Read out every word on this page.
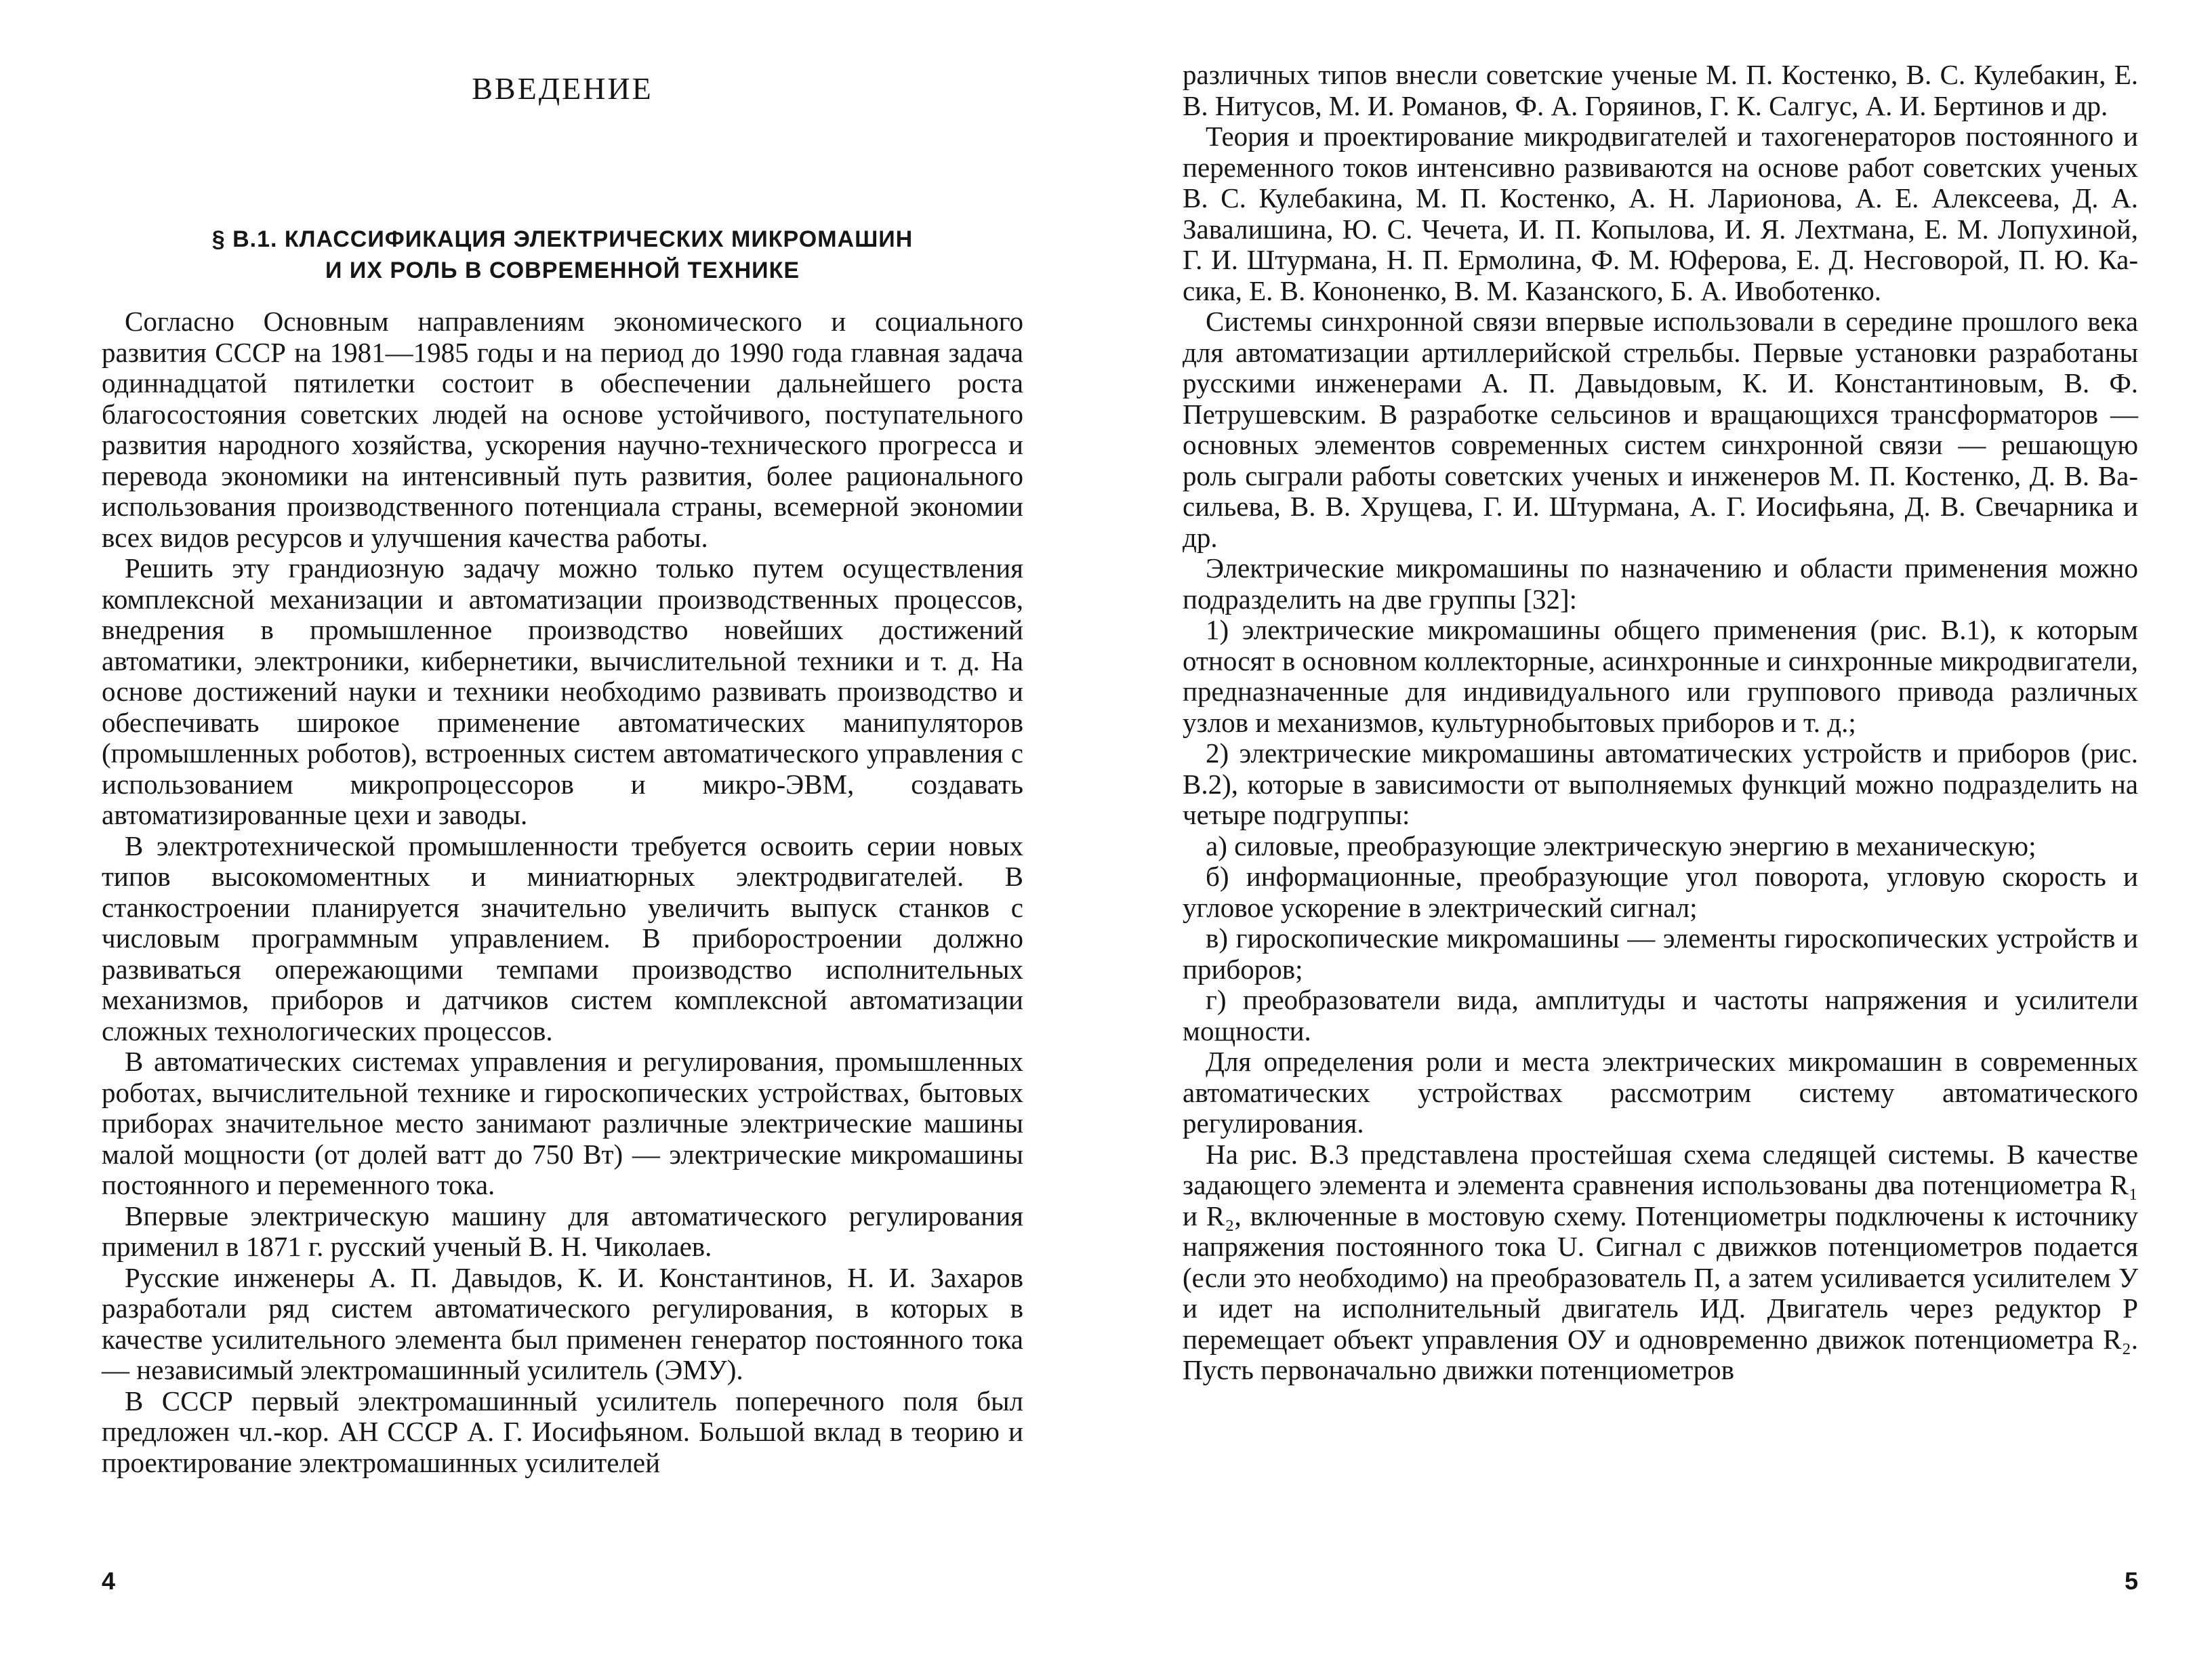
ВВЕДЕНИЕ
§ В.1. КЛАССИФИКАЦИЯ ЭЛЕКТРИЧЕСКИХ МИКРОМАШИН
И ИХ РОЛЬ В СОВРЕМЕННОЙ ТЕХНИКЕ

Согласно Основным направлениям экономического и социального развития СССР на 1981—1985 годы и на период до 1990 года главная задача одиннадцатой пятилетки состоит в обеспечении дальнейшего роста благосостояния советских людей на основе устойчивого, поступательного развития народного хозяйства, ускорения научно-технического прогресса и перевода экономики на интенсивный путь развития, более рационального использования производственного потенциала страны, всемерной экономии всех видов ресурсов и улучшения качества работы.

Решить эту грандиозную задачу можно только путем осуществления комплексной механизации и автоматизации производственных процессов, внедрения в промышленное производство новейших достижений автоматики, электроники, кибернетики, вычислительной техники и т. д. На основе достижений науки и техники необходимо развивать производство и обеспечивать широкое применение автоматических манипуляторов (промышленных роботов), встроенных систем автоматического управления с использованием микропроцессоров и микро-ЭВМ, создавать автоматизированные цехи и заводы.

В электротехнической промышленности требуется освоить серии новых типов высокомоментных и миниатюрных электродвигателей. В станкостроении планируется значительно увеличить выпуск станков с числовым программным управлением. В приборостроении должно развиваться опережающими темпами производство исполнительных механизмов, приборов и датчиков систем комплексной автоматизации сложных технологических процессов.

В автоматических системах управления и регулирования, промышленных роботах, вычислительной технике и гироскопических устройствах, бытовых приборах значительное место занимают различные электрические машины малой мощности (от долей ватт до 750 Вт) — электрические микромашины постоянного и переменного тока.

Впервые электрическую машину для автоматического регулирования применил в 1871 г. русский ученый В. Н. Чиколаев.

Русские инженеры А. П. Давыдов, К. И. Константинов, Н. И. Захаров разработали ряд систем автоматического регулирования, в которых в качестве усилительного элемента был применен генератор постоянного тока — независимый электромашинный усилитель (ЭМУ).

В СССР первый электромашинный усилитель поперечного поля был предложен чл.-кор. АН СССР А. Г. Иосифьяном. Большой вклад в теорию и проектирование электромашинных усилителей

4

различных типов внесли советские ученые М. П. Костенко, В. С. Кулебакин, Е. В. Нитусов, М. И. Романов, Ф. А. Горяинов, Г. К. Салгус, А. И. Бертинов и др.

Теория и проектирование микродвигателей и тахогенераторов постоянного и переменного токов интенсивно развиваются на основе работ советских ученых В. С. Кулебакина, М. П. Костенко, А. Н. Ларионова, А. Е. Алексеева, Д. А. Завалишина, Ю. С. Чечета, И. П. Копылова, И. Я. Лехтмана, Е. М. Лопухиной, Г. И. Штурмана, Н. П. Ермолина, Ф. М. Юферова, Е. Д. Несговорой, П. Ю. Касика, Е. В. Кононенко, В. М. Казанского, Б. А. Ивоботенко.

Системы синхронной связи впервые использовали в середине прошлого века для автоматизации артиллерийской стрельбы. Первые установки разработаны русскими инженерами А. П. Давыдовым, К. И. Константиновым, В. Ф. Петрушевским. В разработке сельсинов и вращающихся трансформаторов — основных элементов современных систем синхронной связи — решающую роль сыграли работы советских ученых и инженеров М. П. Костенко, Д. В. Васильева, В. В. Хрущева, Г. И. Штурмана, А. Г. Иосифьяна, Д. В. Свечарника и др.

Электрические микромашины по назначению и области применения можно подразделить на две группы [32]:

1) электрические микромашины общего применения (рис. В.1), к которым относят в основном коллекторные, асинхронные и синхронные микродвигатели, предназначенные для индивидуального или группового привода различных узлов и механизмов, культурнобытовых приборов и т. д.;

2) электрические микромашины автоматических устройств и приборов (рис. В.2), которые в зависимости от выполняемых функций можно подразделить на четыре подгруппы:

а) силовые, преобразующие электрическую энергию в механическую;

б) информационные, преобразующие угол поворота, угловую скорость и угловое ускорение в электрический сигнал;

в) гироскопические микромашины — элементы гироскопических устройств и приборов;

г) преобразователи вида, амплитуды и частоты напряжения и усилители мощности.

Для определения роли и места электрических микромашин в современных автоматических устройствах рассмотрим систему автоматического регулирования.

На рис. В.3 представлена простейшая схема следящей системы. В качестве задающего элемента и элемента сравнения использованы два потенциометра R₁ и R₂, включенные в мостовую схему. Потенциометры подключены к источнику напряжения постоянного тока U. Сигнал с движков потенциометров подается (если это необходимо) на преобразователь П, а затем усиливается усилителем У и идет на исполнительный двигатель ИД. Двигатель через редуктор Р перемещает объект управления ОУ и одновременно движок потенциометра R₂. Пусть первоначально движки потенциометров

5
